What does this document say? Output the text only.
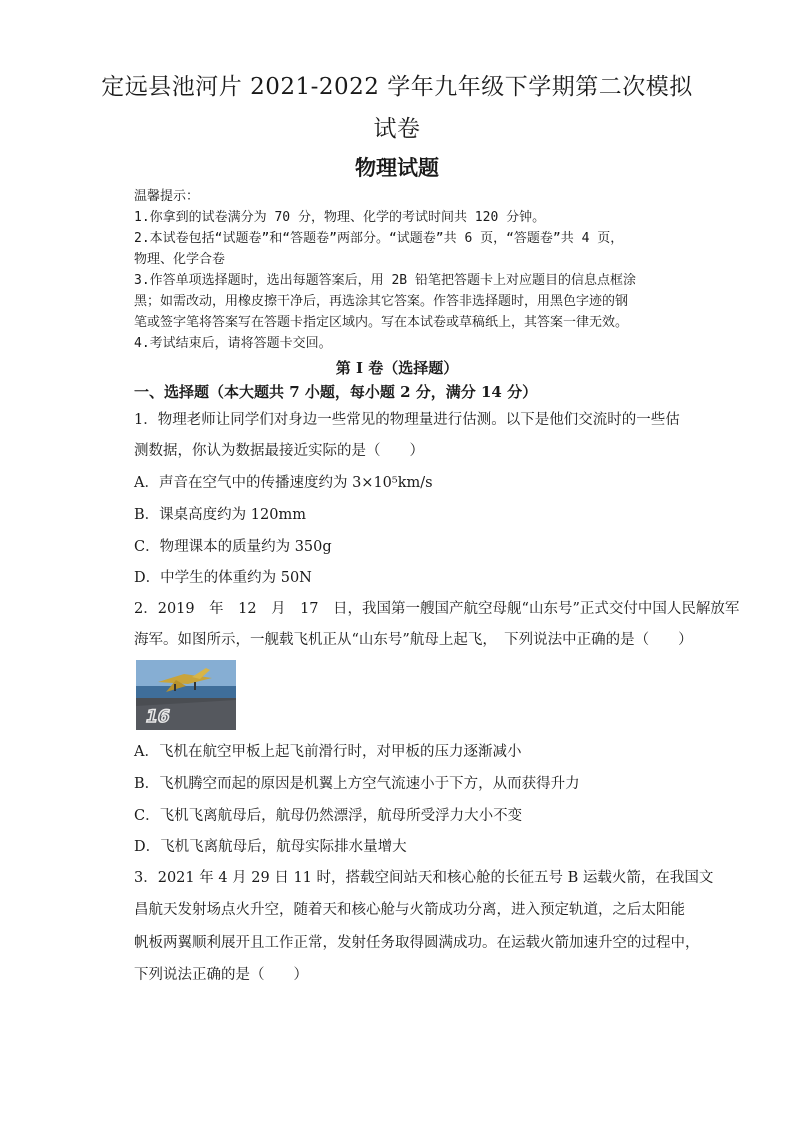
定远县池河片 2021-2022 学年九年级下学期第二次模拟
试卷
物理试题
温馨提示：
1.你拿到的试卷满分为 70 分，物理、化学的考试时间共 120 分钟。
2.本试卷包括“试题卷”和“答题卷”两部分。“试题卷”共 6 页，“答题卷”共 4 页，
物理、化学合卷
3.作答单项选择题时，选出每题答案后，用 2B 铅笔把答题卡上对应题目的信息点框涂
黑；如需改动，用橡皮擦干净后，再选涂其它答案。作答非选择题时，用黑色字迹的钢
笔或签字笔将答案写在答题卡指定区域内。写在本试卷或草稿纸上，其答案一律无效。
4.考试结束后，请将答题卡交回。
第 I 卷（选择题）
一、选择题（本大题共 7 小题，每小题 2 分，满分 14 分）
1．物理老师让同学们对身边一些常见的物理量进行估测。以下是他们交流时的一些估
测数据，你认为数据最接近实际的是（　　）
A．声音在空气中的传播速度约为 3×10⁵km/s
B．课桌高度约为 120mm
C．物理课本的质量约为 350g
D．中学生的体重约为 50N
2．2019　年　12　月　17　日，我国第一艘国产航空母舰“山东号”正式交付中国人民解放军
海军。如图所示，一舰载飞机正从“山东号”航母上起飞，　下列说法中正确的是（　　）
16
A．飞机在航空甲板上起飞前滑行时，对甲板的压力逐渐减小
B．飞机腾空而起的原因是机翼上方空气流速小于下方，从而获得升力
C．飞机飞离航母后，航母仍然漂浮，航母所受浮力大小不变
D．飞机飞离航母后，航母实际排水量增大
3．2021 年 4 月 29 日 11 时，搭载空间站天和核心舱的长征五号 B 运载火箭，在我国文
昌航天发射场点火升空，随着天和核心舱与火箭成功分离，进入预定轨道，之后太阳能
帆板两翼顺利展开且工作正常，发射任务取得圆满成功。在运载火箭加速升空的过程中，
下列说法正确的是（　　）
